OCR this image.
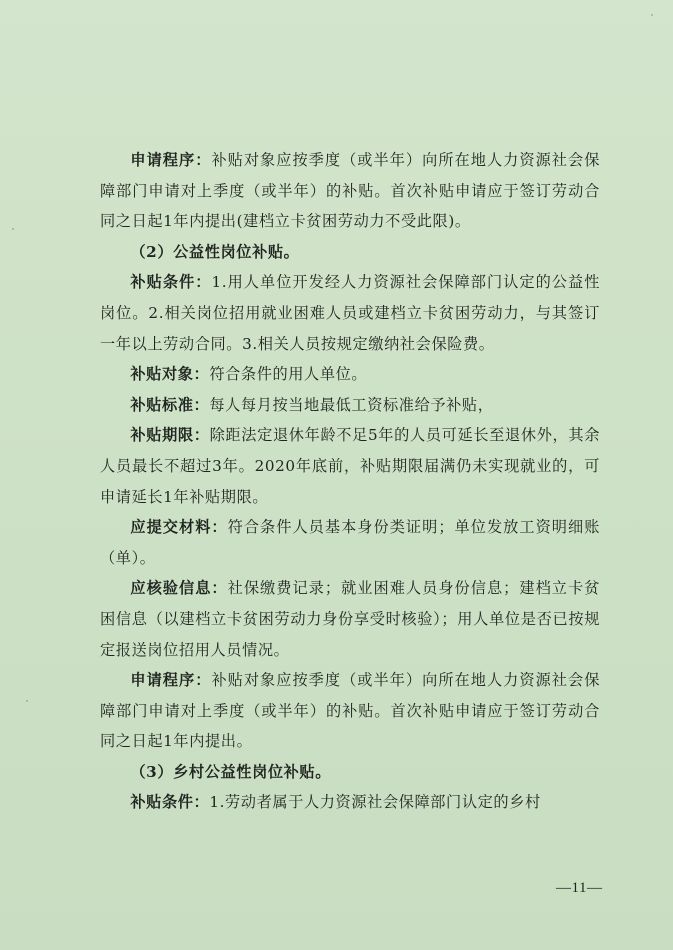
申请程序：补贴对象应按季度（或半年）向所在地人力资源社会保障部门申请对上季度（或半年）的补贴。首次补贴申请应于签订劳动合同之日起1年内提出(建档立卡贫困劳动力不受此限)。

（2）公益性岗位补贴。

补贴条件：1.用人单位开发经人力资源社会保障部门认定的公益性岗位。2.相关岗位招用就业困难人员或建档立卡贫困劳动力，与其签订一年以上劳动合同。3.相关人员按规定缴纳社会保险费。

补贴对象：符合条件的用人单位。

补贴标准：每人每月按当地最低工资标准给予补贴，

补贴期限：除距法定退休年龄不足5年的人员可延长至退休外，其余人员最长不超过3年。2020年底前，补贴期限届满仍未实现就业的，可申请延长1年补贴期限。

应提交材料：符合条件人员基本身份类证明；单位发放工资明细账（单）。

应核验信息：社保缴费记录；就业困难人员身份信息；建档立卡贫困信息（以建档立卡贫困劳动力身份享受时核验）；用人单位是否已按规定报送岗位招用人员情况。

申请程序：补贴对象应按季度（或半年）向所在地人力资源社会保障部门申请对上季度（或半年）的补贴。首次补贴申请应于签订劳动合同之日起1年内提出。

（3）乡村公益性岗位补贴。

补贴条件：1.劳动者属于人力资源社会保障部门认定的乡村

—11—
